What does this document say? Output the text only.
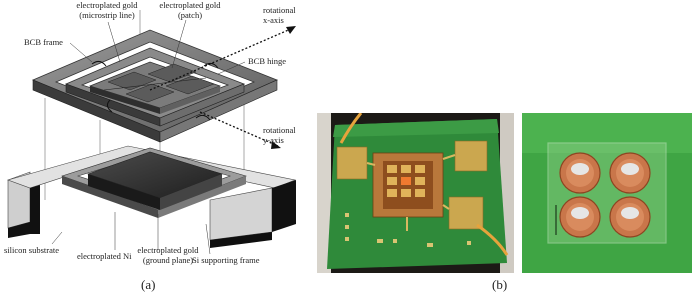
electroplated gold
(microstrip line)
electroplated gold
(patch)	rotational
x-axis
BCB frame
BCB hinge
rotational
y-axis
silicon substrate
electroplated Ni
electroplated gold
(ground plane)
Si supporting frame
(a)	(b)
